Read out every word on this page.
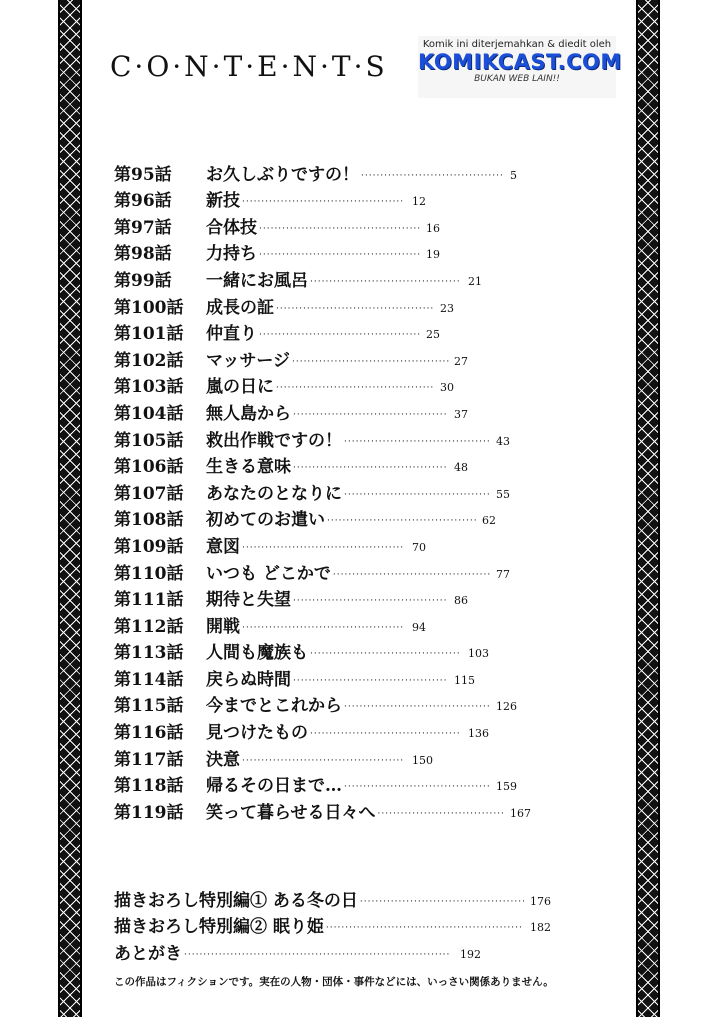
C·O·N·T·E·N·T·S
Komik ini diterjemahkan & diedit oleh
KOMIKCAST.COM
BUKAN WEB LAIN!!
第95話	お久しぶりですの！ ····································· 5
第96話	新技 ·········································· 12
第97話	合体技 ·········································· 16
第98話	力持ち ·········································· 19
第99話	一緒にお風呂 ······································· 21
第100話	成長の証 ········································· 23
第101話	仲直り ·········································· 25
第102話	マッサージ ········································· 27
第103話	嵐の日に ········································· 30
第104話	無人島から ········································ 37
第105話	救出作戦ですの！ ······································ 43
第106話	生きる意味 ········································ 48
第107話	あなたのとなりに ······································ 55
第108話	初めてのお遣い ······································· 62
第109話	意図 ·········································· 70
第110話	いつも どこかで ········································· 77
第111話	期待と失望 ········································ 86
第112話	開戦 ·········································· 94
第113話	人間も魔族も ······································· 103
第114話	戻らぬ時間 ········································ 115
第115話	今までとこれから ······································ 126
第116話	見つけたもの ······································· 136
第117話	決意 ·········································· 150
第118話	帰るその日まで… ······································ 159
第119話	笑って暮らせる日々へ ································· 167
描きおろし特別編① ある冬の日 ··········································· 176
描きおろし特別編② 眠り姫 ··················································· 182
あとがき ····································································· 192
この作品はフィクションです。実在の人物・団体・事件などには、いっさい関係ありません。
